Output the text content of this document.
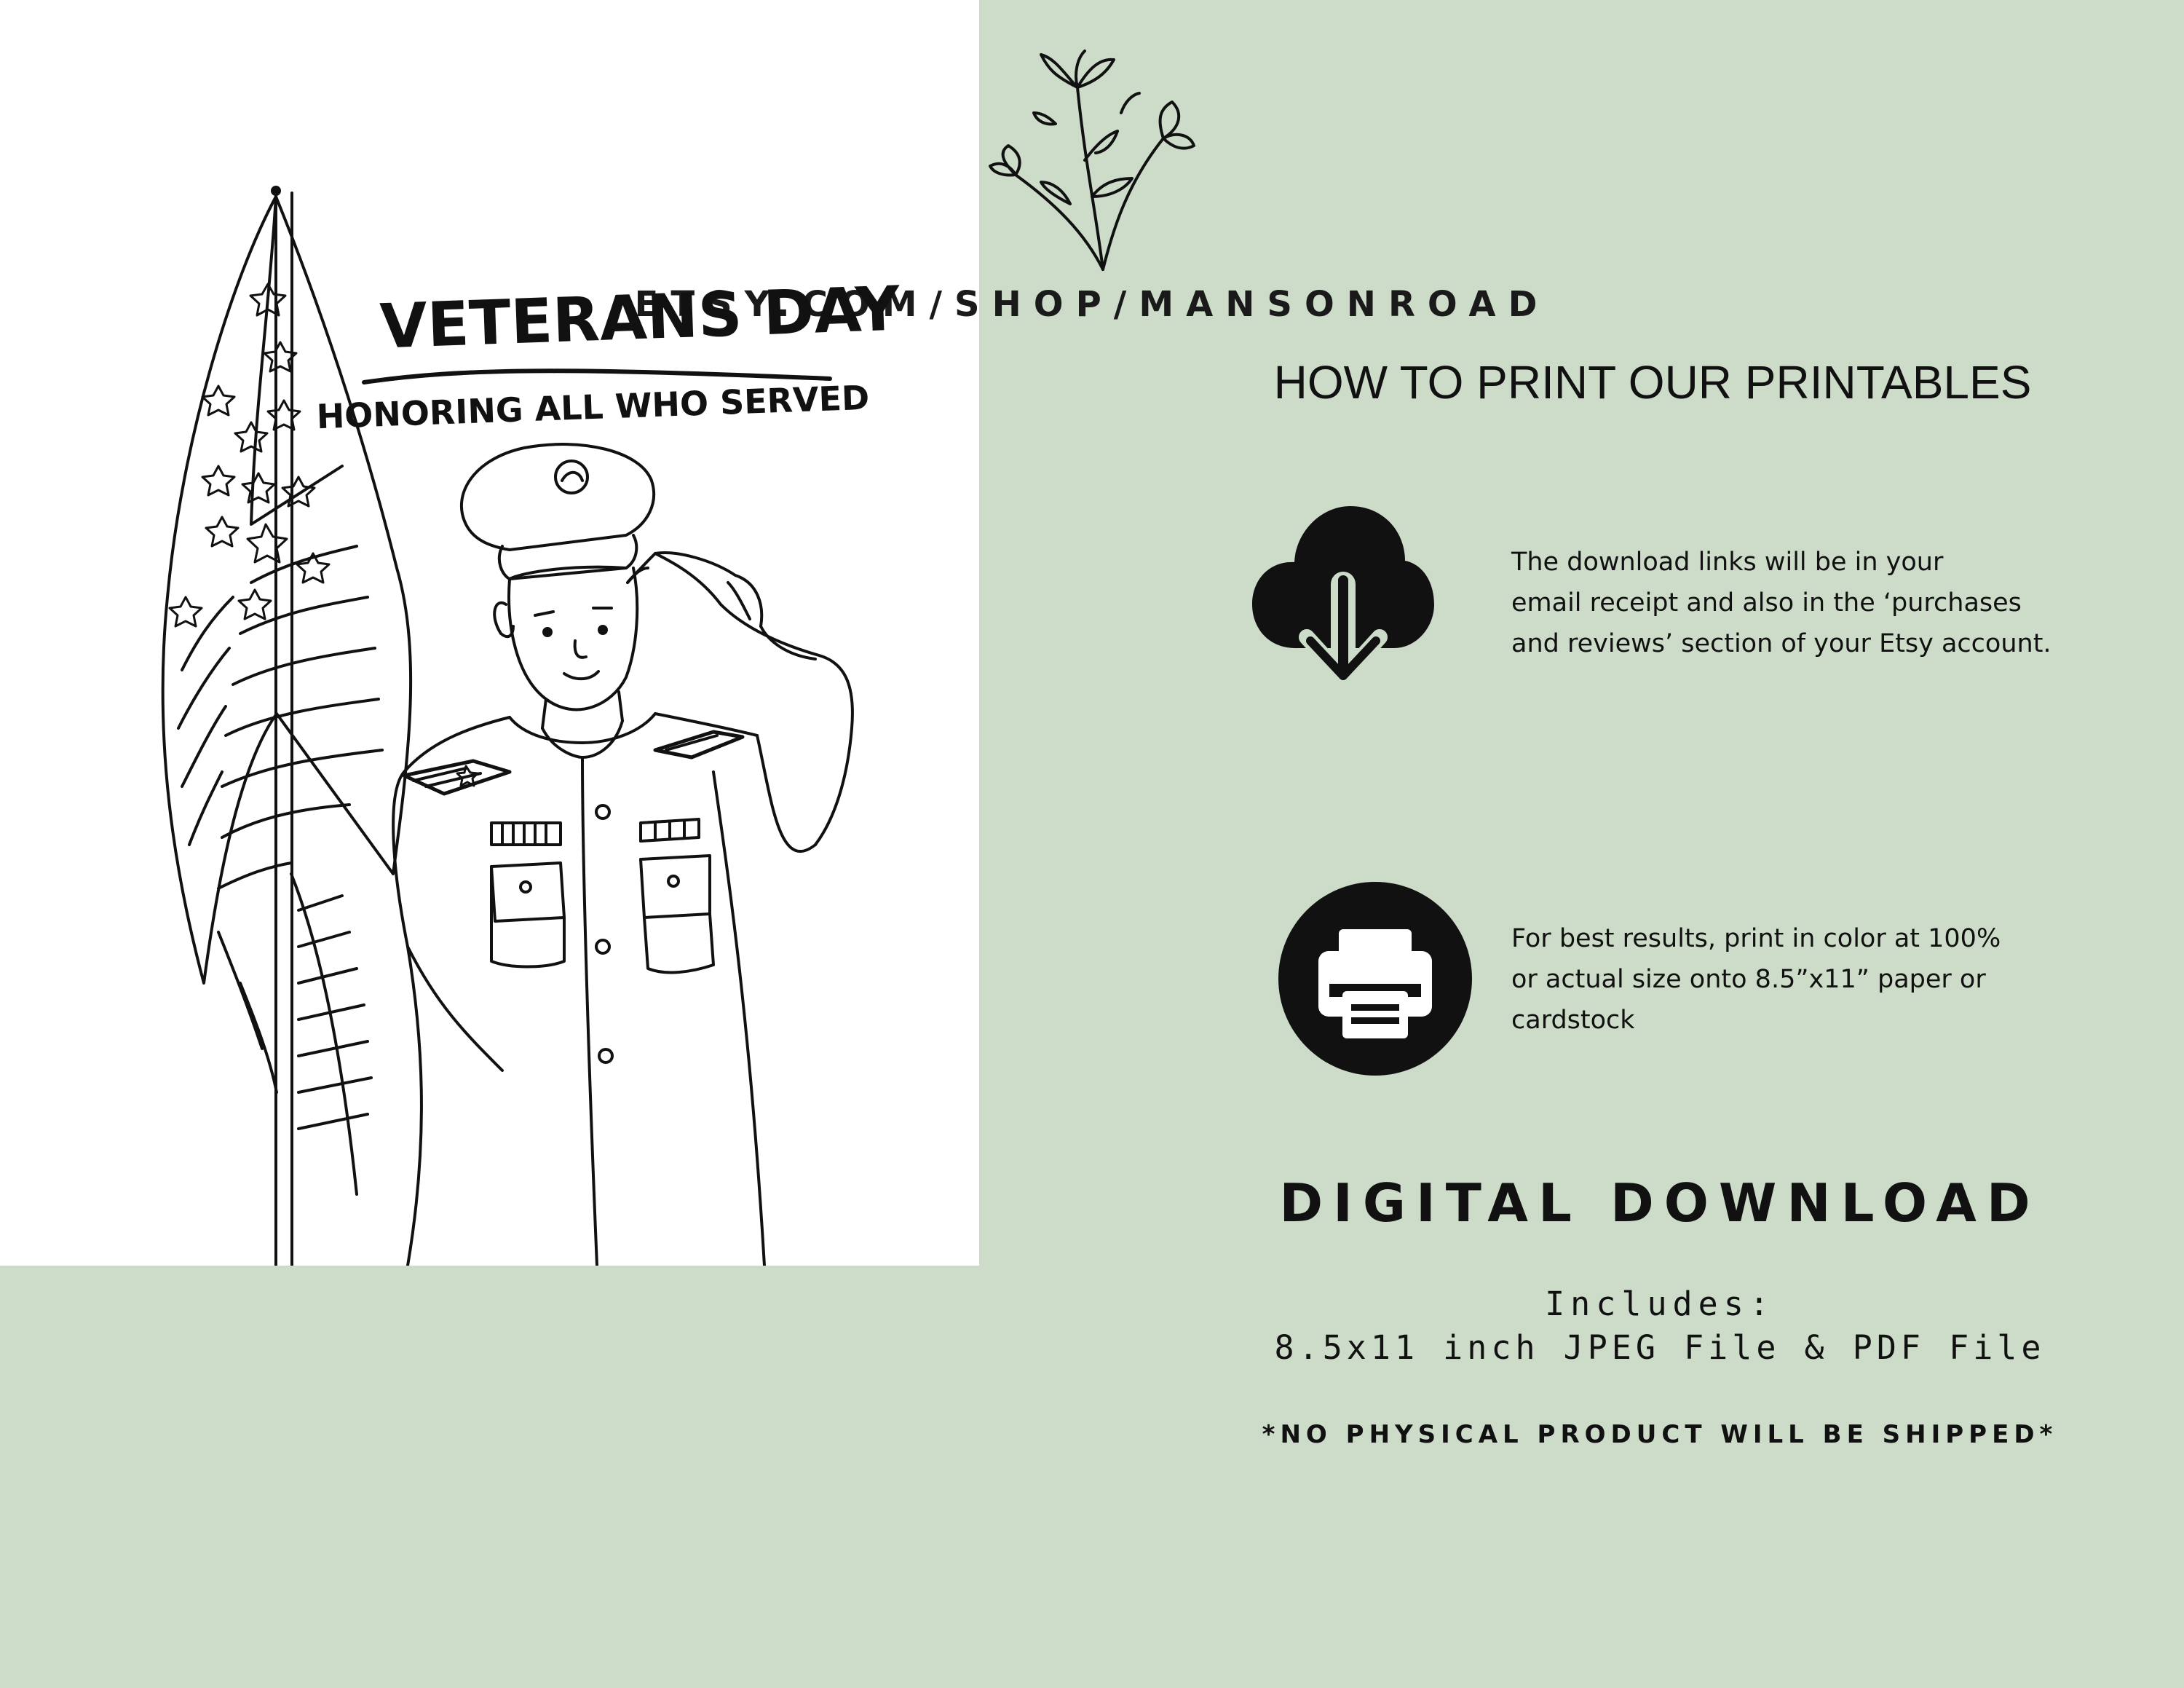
ETSY.COM/SHOP/MANSONROAD
VETERANS DAY
HONORING ALL WHO SERVED	HOW TO PRINT OUR PRINTABLES
The download links will be in your
email receipt and also in the ‘purchases
and reviews’ section of your Etsy account.
For best results, print in color at 100%
or actual size onto 8.5”x11” paper or
cardstock
DIGITAL DOWNLOAD
Includes:
8.5x11 inch JPEG File & PDF File
*NO PHYSICAL PRODUCT WILL BE SHIPPED*
